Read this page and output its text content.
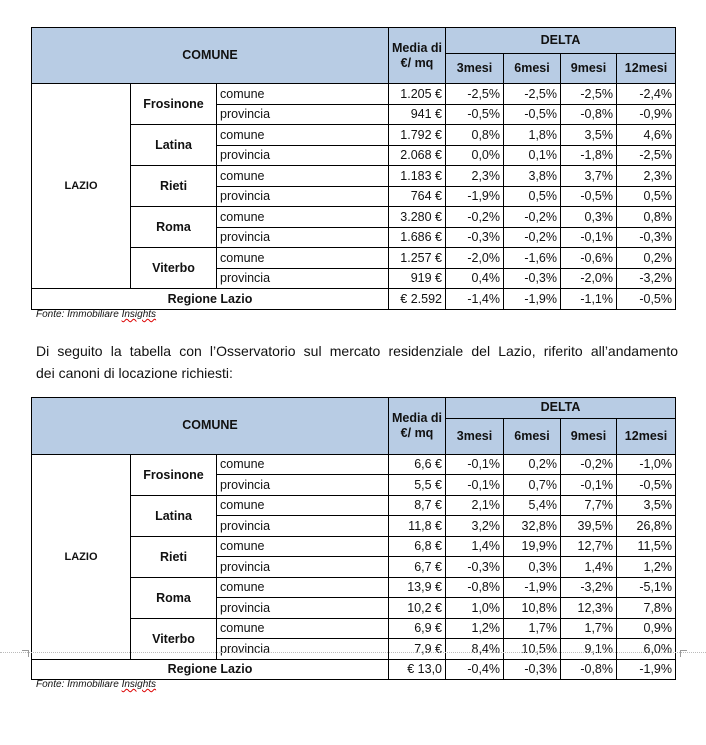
COMUNE			Media di €/ mq	DELTA			
				3mesi	6mesi	9mesi	12mesi
LAZIO	Frosinone	comune	1.205 €	-2,5%	-2,5%	-2,5%	-2,4%
		provincia	941 €	-0,5%	-0,5%	-0,8%	-0,9%
	Latina	comune	1.792 €	0,8%	1,8%	3,5%	4,6%
		provincia	2.068 €	0,0%	0,1%	-1,8%	-2,5%
	Rieti	comune	1.183 €	2,3%	3,8%	3,7%	2,3%
		provincia	764 €	-1,9%	0,5%	-0,5%	0,5%
	Roma	comune	3.280 €	-0,2%	-0,2%	0,3%	0,8%
		provincia	1.686 €	-0,3%	-0,2%	-0,1%	-0,3%
	Viterbo	comune	1.257 €	-2,0%	-1,6%	-0,6%	0,2%
		provincia	919 €	0,4%	-0,3%	-2,0%	-3,2%
Regione Lazio			€ 2.592	-1,4%	-1,9%	-1,1%	-0,5%
Fonte: Immobiliare Insights
Di seguito la tabella con l’Osservatorio sul mercato residenziale del Lazio, riferito all’andamento
dei canoni di locazione richiesti:
COMUNE			Media di €/ mq	DELTA			
				3mesi	6mesi	9mesi	12mesi
LAZIO	Frosinone	comune	6,6 €	-0,1%	0,2%	-0,2%	-1,0%
		provincia	5,5 €	-0,1%	0,7%	-0,1%	-0,5%
	Latina	comune	8,7 €	2,1%	5,4%	7,7%	3,5%
		provincia	11,8 €	3,2%	32,8%	39,5%	26,8%
	Rieti	comune	6,8 €	1,4%	19,9%	12,7%	11,5%
		provincia	6,7 €	-0,3%	0,3%	1,4%	1,2%
	Roma	comune	13,9 €	-0,8%	-1,9%	-3,2%	-5,1%
		provincia	10,2 €	1,0%	10,8%	12,3%	7,8%
	Viterbo	comune	6,9 €	1,2%	1,7%	1,7%	0,9%
		provincia	7,9 €	8,4%	10,5%	9,1%	6,0%
Regione Lazio			€ 13,0	-0,4%	-0,3%	-0,8%	-1,9%
Fonte: Immobiliare Insights
